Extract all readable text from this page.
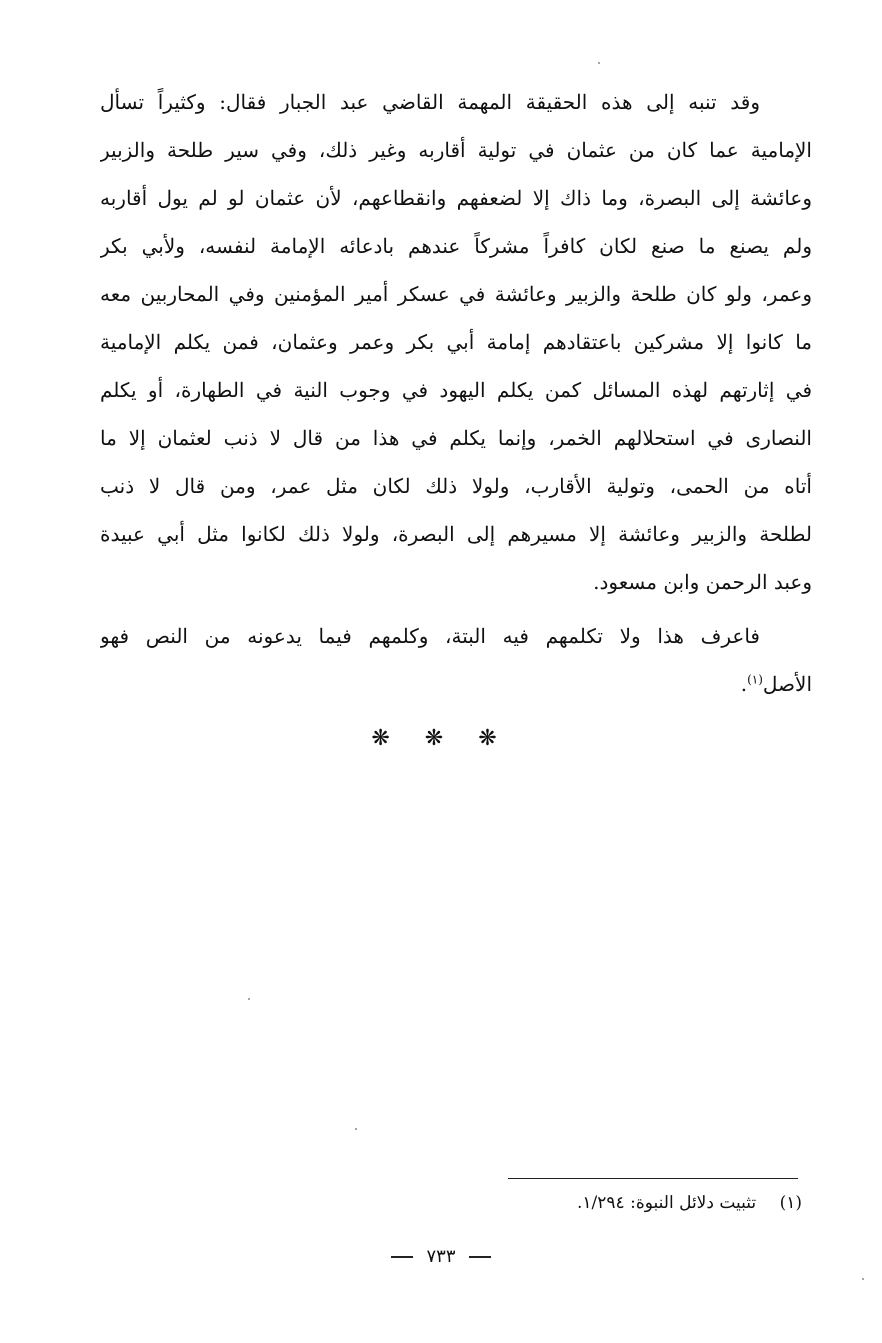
وقد تنبه إلى هذه الحقيقة المهمة القاضي عبد الجبار فقال: وكثيراً تسأل
الإمامية عما كان من عثمان في تولية أقاربه وغير ذلك، وفي سير طلحة والزبير
وعائشة إلى البصرة، وما ذاك إلا لضعفهم وانقطاعهم، لأن عثمان لو لم يول أقاربه
ولم يصنع ما صنع لكان كافراً مشركاً عندهم بادعائه الإمامة لنفسه، ولأبي بكر
وعمر، ولو كان طلحة والزبير وعائشة في عسكر أمير المؤمنين وفي المحاربين معه
ما كانوا إلا مشركين باعتقادهم إمامة أبي بكر وعمر وعثمان، فمن يكلم الإمامية
في إثارتهم لهذه المسائل كمن يكلم اليهود في وجوب النية في الطهارة، أو يكلم
النصارى في استحلالهم الخمر، وإنما يكلم في هذا من قال لا ذنب لعثمان إلا ما
أتاه من الحمى، وتولية الأقارب، ولولا ذلك لكان مثل عمر، ومن قال لا ذنب
لطلحة والزبير وعائشة إلا مسيرهم إلى البصرة، ولولا ذلك لكانوا مثل أبي عبيدة
وعبد الرحمن وابن مسعود.
فاعرف هذا ولا تكلمهم فيه البتة، وكلمهم فيما يدعونه من النص فهو
الأصل$^{(١)}$.
❋ ❋ ❋
(١) تثبيت دلائل النبوة: ١/٢٩٤.
٧٣٣
